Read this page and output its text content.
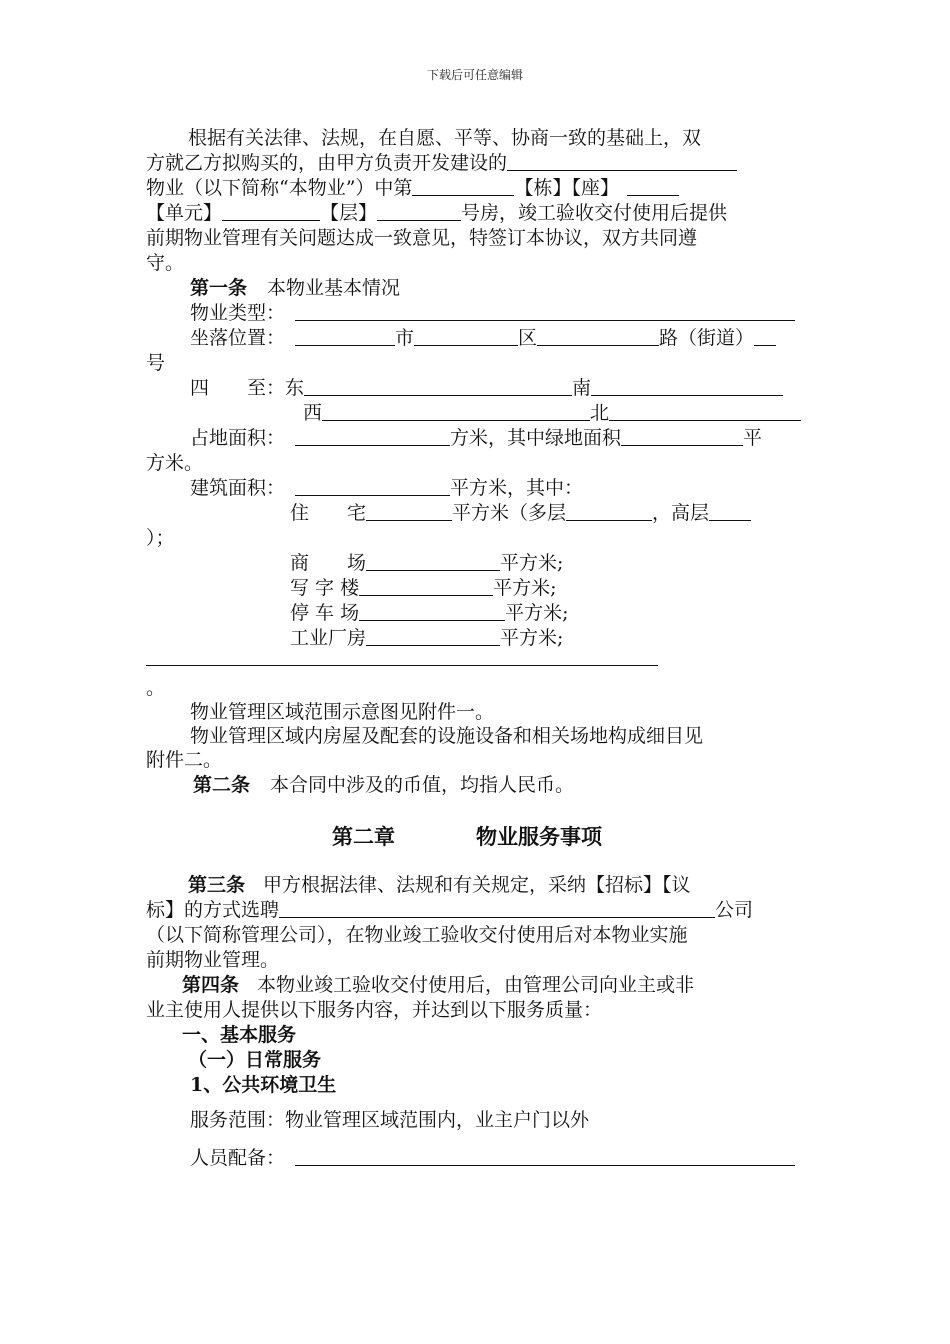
下载后可任意编辑
根据有关法律、法规，在自愿、平等、协商一致的基础上，双
方就乙方拟购买的，由甲方负责开发建设的
物业（以下简称“本物业”）中第	【栋】【座】
【单元】	【层】	号房，竣工验收交付使用后提供
前期物业管理有关问题达成一致意见，特签订本协议，双方共同遵
守。
第一条 本物业基本情况
物业类型：
坐落位置：	市	区	路（街道）
号
四　　至：东	南
西	北
占地面积：	方米，其中绿地面积	平
方米。
建筑面积：	平方米，其中：
住　　宅	平方米（多层	，高层
）；
商　　场	平方米;
写 字 楼	平方米;
停 车 场	平方米;
工业厂房	平方米;
。
物业管理区域范围示意图见附件一。
物业管理区域内房屋及配套的设施设备和相关场地构成细目见
附件二。
第二条 本合同中涉及的币值，均指人民币。
第二章	物业服务事项
第三条 甲方根据法律、法规和有关规定，采纳【招标】【议
标】的方式选聘	公司
（以下简称管理公司），在物业竣工验收交付使用后对本物业实施
前期物业管理。
第四条 本物业竣工验收交付使用后，由管理公司向业主或非
业主使用人提供以下服务内容，并达到以下服务质量：
一、基本服务
（一）日常服务
1、公共环境卫生
服务范围：物业管理区域范围内，业主户门以外
人员配备：
